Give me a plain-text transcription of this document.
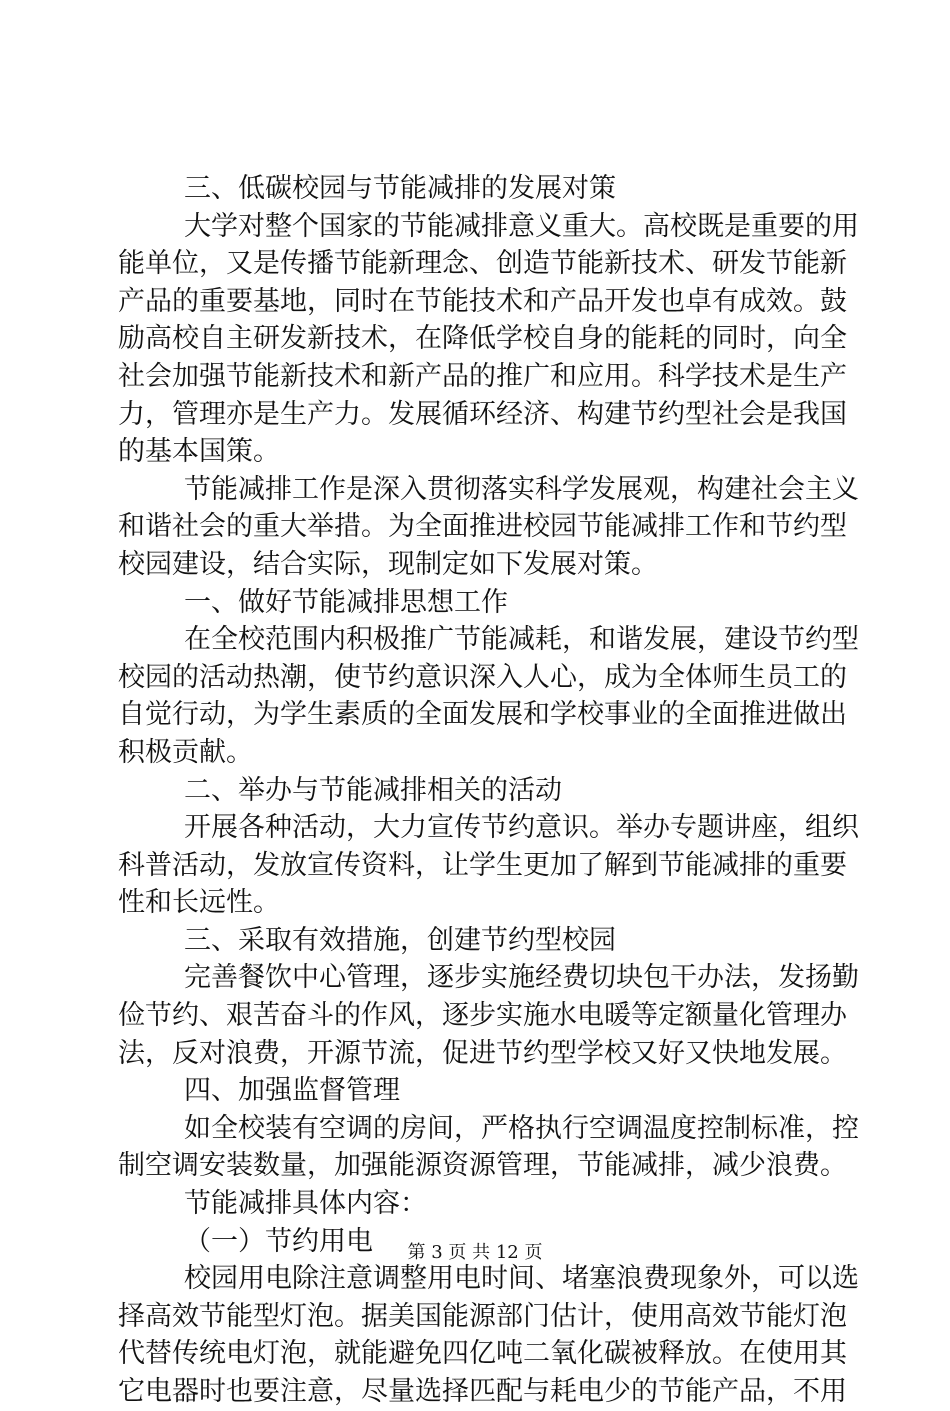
三、低碳校园与节能减排的发展对策
大学对整个国家的节能减排意义重大。高校既是重要的用
能单位，又是传播节能新理念、创造节能新技术、研发节能新
产品的重要基地，同时在节能技术和产品开发也卓有成效。鼓
励高校自主研发新技术，在降低学校自身的能耗的同时，向全
社会加强节能新技术和新产品的推广和应用。科学技术是生产
力，管理亦是生产力。发展循环经济、构建节约型社会是我国
的基本国策。
节能减排工作是深入贯彻落实科学发展观，构建社会主义
和谐社会的重大举措。为全面推进校园节能减排工作和节约型
校园建设，结合实际，现制定如下发展对策。
一、做好节能减排思想工作
在全校范围内积极推广节能减耗，和谐发展，建设节约型
校园的活动热潮，使节约意识深入人心，成为全体师生员工的
自觉行动，为学生素质的全面发展和学校事业的全面推进做出
积极贡献。
二、举办与节能减排相关的活动
开展各种活动，大力宣传节约意识。举办专题讲座，组织
科普活动，发放宣传资料，让学生更加了解到节能减排的重要
性和长远性。
三、采取有效措施，创建节约型校园
完善餐饮中心管理，逐步实施经费切块包干办法，发扬勤
俭节约、艰苦奋斗的作风，逐步实施水电暖等定额量化管理办
法，反对浪费，开源节流，促进节约型学校又好又快地发展。
四、加强监督管理
如全校装有空调的房间，严格执行空调温度控制标准，控
制空调安装数量，加强能源资源管理，节能减排，减少浪费。
节能减排具体内容：
（一）节约用电
校园用电除注意调整用电时间、堵塞浪费现象外，可以选
择高效节能型灯泡。据美国能源部门估计，使用高效节能灯泡
代替传统电灯泡，就能避免四亿吨二氧化碳被释放。在使用其
它电器时也要注意，尽量选择匹配与耗电少的节能产品，不用
第 3 页 共 12 页
